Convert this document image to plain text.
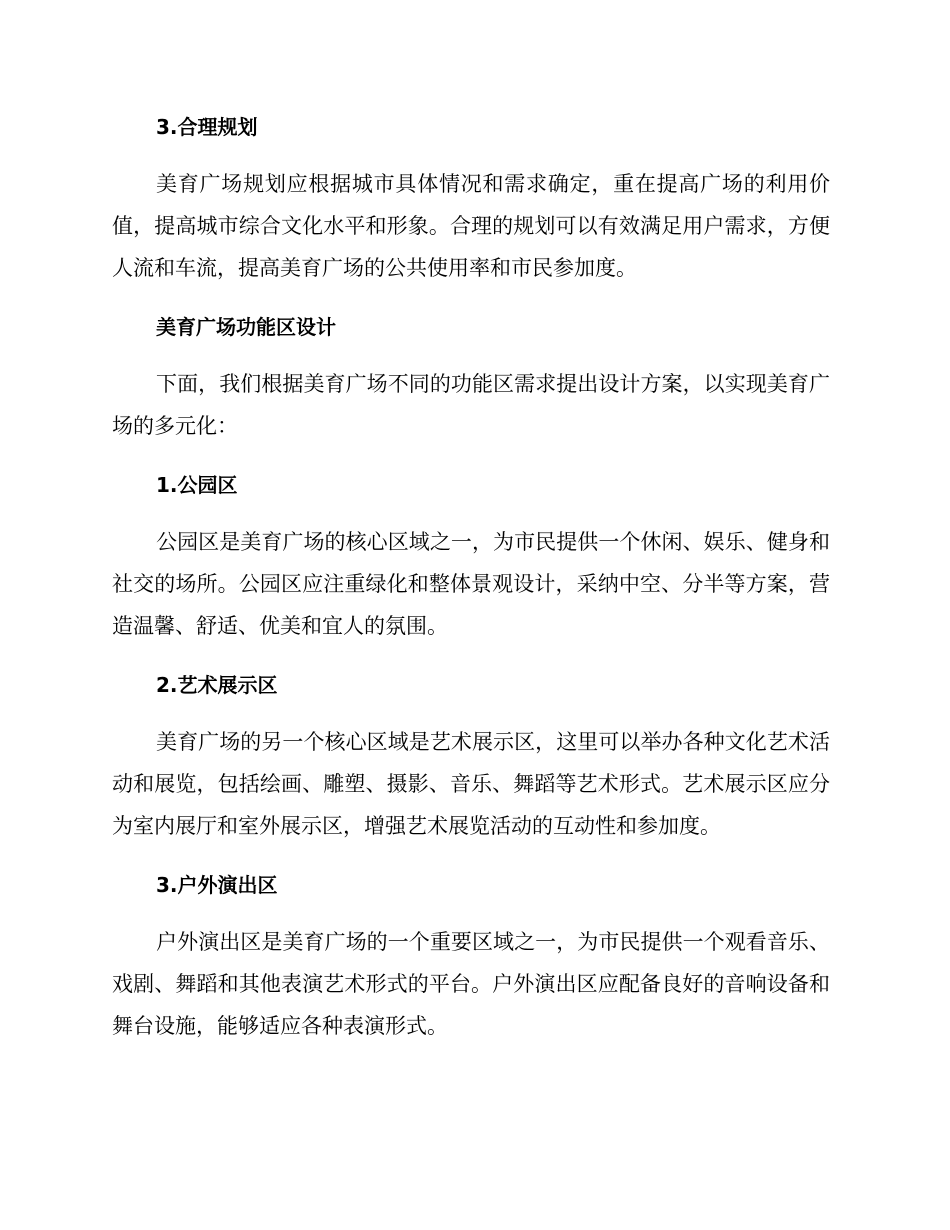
3.合理规划

美育广场规划应根据城市具体情况和需求确定，重在提高广场的利用价值，提高城市综合文化水平和形象。合理的规划可以有效满足用户需求，方便人流和车流，提高美育广场的公共使用率和市民参加度。

美育广场功能区设计

下面，我们根据美育广场不同的功能区需求提出设计方案，以实现美育广场的多元化：

1.公园区

公园区是美育广场的核心区域之一，为市民提供一个休闲、娱乐、健身和社交的场所。公园区应注重绿化和整体景观设计，采纳中空、分半等方案，营造温馨、舒适、优美和宜人的氛围。

2.艺术展示区

美育广场的另一个核心区域是艺术展示区，这里可以举办各种文化艺术活动和展览，包括绘画、雕塑、摄影、音乐、舞蹈等艺术形式。艺术展示区应分为室内展厅和室外展示区，增强艺术展览活动的互动性和参加度。

3.户外演出区

户外演出区是美育广场的一个重要区域之一，为市民提供一个观看音乐、戏剧、舞蹈和其他表演艺术形式的平台。户外演出区应配备良好的音响设备和舞台设施，能够适应各种表演形式。
